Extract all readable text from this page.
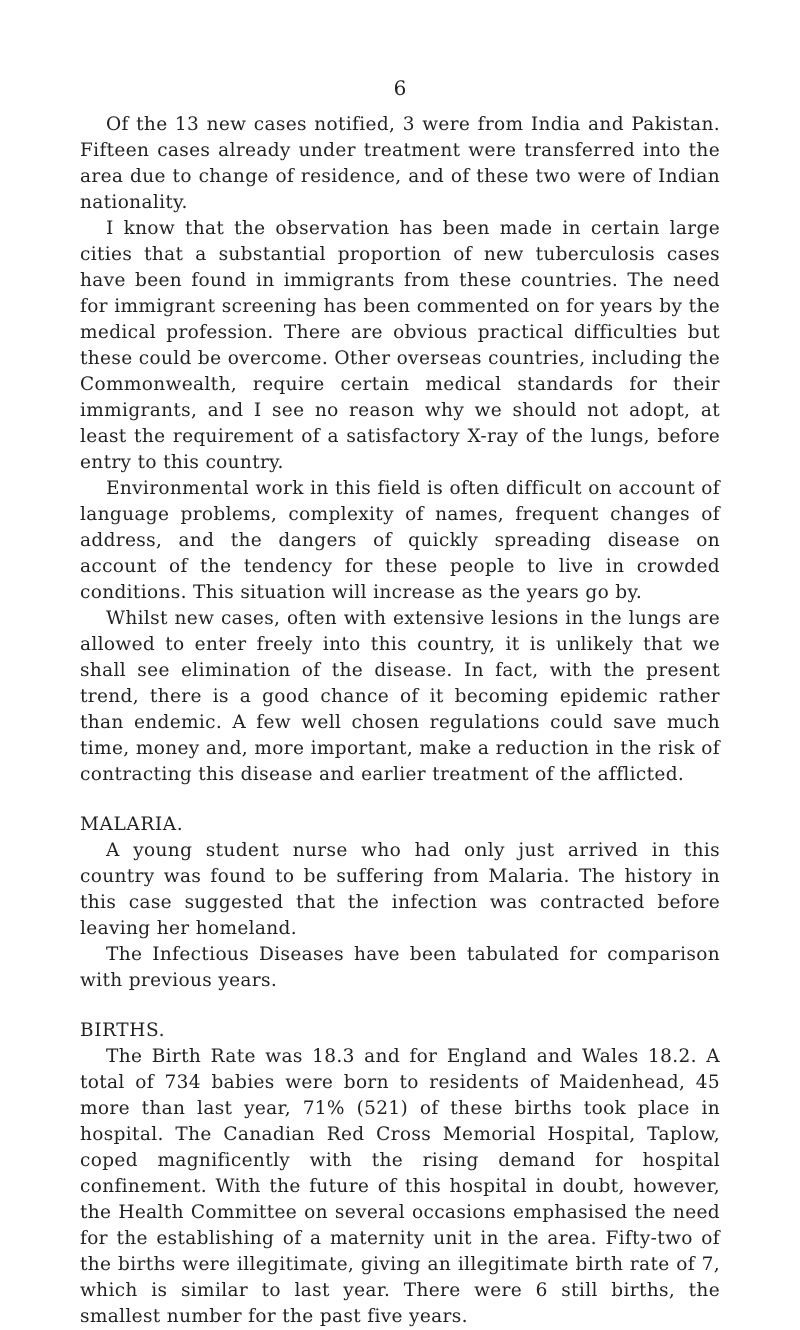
6

Of the 13 new cases notified, 3 were from India and Pakistan. Fifteen cases already under treatment were transferred into the area due to change of residence, and of these two were of Indian nationality.

I know that the observation has been made in certain large cities that a substantial proportion of new tuberculosis cases have been found in immigrants from these countries. The need for immigrant screening has been commented on for years by the medical profession. There are obvious practical difficulties but these could be overcome. Other overseas countries, including the Commonwealth, require certain medical standards for their immigrants, and I see no reason why we should not adopt, at least the requirement of a satisfactory X-ray of the lungs, before entry to this country.

Environmental work in this field is often difficult on account of language problems, complexity of names, frequent changes of address, and the dangers of quickly spreading disease on account of the tendency for these people to live in crowded conditions. This situation will increase as the years go by.

Whilst new cases, often with extensive lesions in the lungs are allowed to enter freely into this country, it is unlikely that we shall see elimination of the disease. In fact, with the present trend, there is a good chance of it becoming epidemic rather than endemic. A few well chosen regulations could save much time, money and, more important, make a reduction in the risk of contracting this disease and earlier treatment of the afflicted.

MALARIA.

A young student nurse who had only just arrived in this country was found to be suffering from Malaria. The history in this case suggested that the infection was contracted before leaving her homeland.

The Infectious Diseases have been tabulated for comparison with previous years.

BIRTHS.

The Birth Rate was 18.3 and for England and Wales 18.2. A total of 734 babies were born to residents of Maidenhead, 45 more than last year, 71% (521) of these births took place in hospital. The Canadian Red Cross Memorial Hospital, Taplow, coped magnificently with the rising demand for hospital confinement. With the future of this hospital in doubt, however, the Health Committee on several occasions emphasised the need for the establishing of a maternity unit in the area. Fifty-two of the births were illegitimate, giving an illegitimate birth rate of 7, which is similar to last year. There were 6 still births, the smallest number for the past five years.
